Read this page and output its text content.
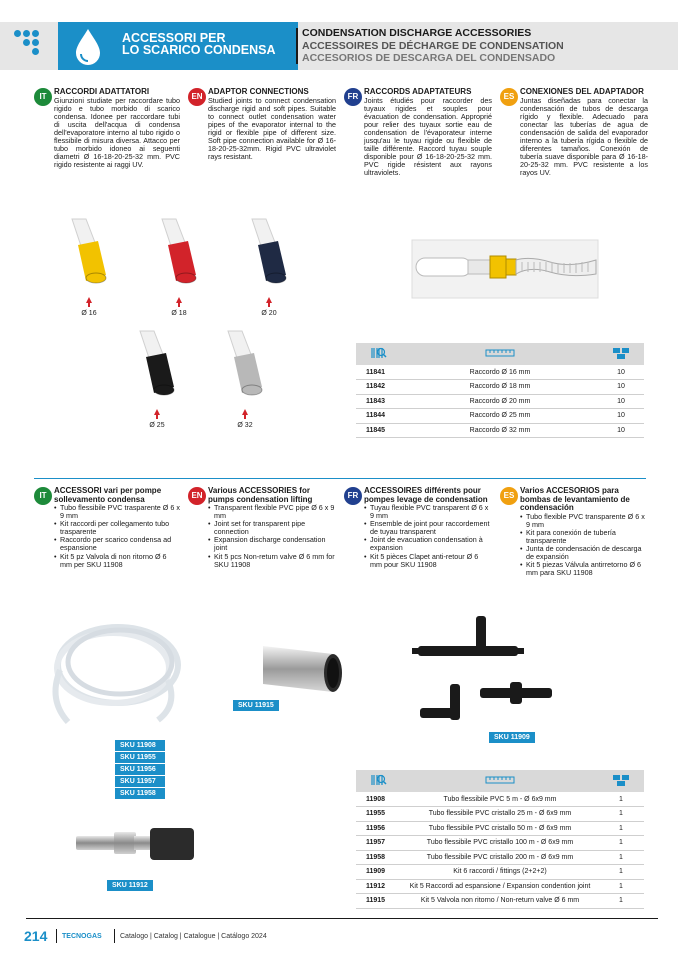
ACCESSORI PER
LO SCARICO CONDENSA
CONDENSATION DISCHARGE ACCESSORIES
ACCESSOIRES DE DÉCHARGE DE CONDENSATION
ACCESORIOS DE DESCARGA DEL CONDENSADO
IT
RACCORDI ADATTATORI
Giunzioni studiate per raccordare tubo rigido e tubo morbido di scarico condensa. Idonee per raccordare tubi di uscita dell'acqua di condensa dell'evaporatore interno al tubo rigido o flessibile di misura diversa. Attacco per tubo morbido idoneo ai seguenti diametri Ø 16-18-20-25-32 mm. PVC rigido resistente ai raggi UV.
EN
ADAPTOR CONNECTIONS
Studied joints to connect condensation discharge rigid and soft pipes. Suitable to connect outlet condensation water pipes of the evaporator internal to the rigid or flexible pipe of different size. Soft pipe connection available for Ø 16-18-20-25-32mm. Rigid PVC ultraviolet rays resistant.
FR
RACCORDS ADAPTATEURS
Joints étudiés pour raccorder des tuyaux rigides et souples pour évacuation de condensation. Approprié pour relier des tuyaux sortie eau de condensation de l'évaporateur interne jusqu'au le tuyau rigide ou flexible de taille différente. Raccord tuyau souple disponible pour Ø 16-18-20-25-32 mm. PVC rigide résistent aux rayons ultraviolets.
ES
CONEXIONES DEL ADAPTADOR
Juntas diseñadas para conectar la condensación de tubos de descarga rígido y flexible. Adecuado para conectar las tuberías de agua de condensación de salida del evaporador interno a la tubería rígida o flexible de diferentes tamaños. Conexión de tubería suave disponible para Ø 16-18-20-25-32 mm. PVC resistente a los rayos UV.
Ø 16	Ø 18	Ø 20
Ø 25	Ø 32

11841	Raccordo Ø 16 mm	10
11842	Raccordo Ø 18 mm	10
11843	Raccordo Ø 20 mm	10
11844	Raccordo Ø 25 mm	10
11845	Raccordo Ø 32 mm	10
IT
ACCESSORI vari per pompe sollevamento condensa
• Tubo flessibile PVC trasparente Ø 6 x 9 mm
• Kit raccordi per collegamento tubo trasparente
• Raccordo per scarico condensa ad espansione
• Kit 5 pz Valvola di non ritorno Ø 6 mm per SKU 11908
EN
Various ACCESSORIES for pumps condensation lifting
• Transparent flexible PVC pipe Ø 6 x 9 mm
• Joint set for transparent pipe connection
• Expansion discharge condensation joint
• Kit 5 pcs Non-return valve Ø 6 mm for SKU 11908
FR
ACCESSOIRES différents pour pompes levage de condensation
• Tuyau flexible PVC transparent Ø 6 x 9 mm
• Ensemble de joint pour raccordement de tuyau transparent
• Joint de evacuation condensation à expansion
• Kit 5 pièces Clapet anti-retour Ø 6 mm pour SKU 11908
ES
Varios ACCESORIOS para bombas de levantamiento de condensación
• Tubo flexible PVC transparente Ø 6 x 9 mm
• Kit para conexión de tubería transparente
• Junta de condensación de descarga de expansión
• Kit 5 piezas Válvula antirretorno Ø 6 mm para SKU 11908
SKU 11908
SKU 11955
SKU 11956
SKU 11957
SKU 11958
SKU 11915
SKU 11909
SKU 11912

11908	Tubo flessibile PVC 5 m - Ø 6x9 mm	1
11955	Tubo flessibile PVC cristallo 25 m - Ø 6x9 mm	1
11956	Tubo flessibile PVC cristallo 50 m - Ø 6x9 mm	1
11957	Tubo flessibile PVC cristallo 100 m - Ø 6x9 mm	1
11958	Tubo flessibile PVC cristallo 200 m - Ø 6x9 mm	1
11909	Kit 6 raccordi / fittings (2+2+2)	1
11912	Kit 5 Raccordi ad espansione / Expansion condention joint	1
11915	Kit 5 Valvola non ritorno / Non-return valve Ø 6 mm	1
214 TECNOGAS	Catalogo | Catalog | Catalogue | Catálogo 2024
